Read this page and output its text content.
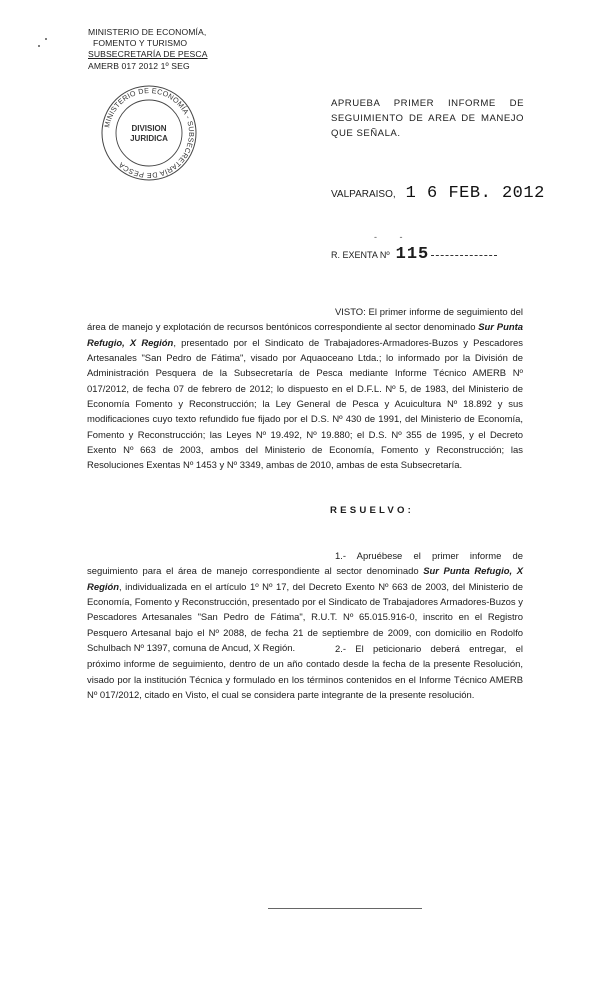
MINISTERIO DE ECONOMÍA,
FOMENTO Y TURISMO
SUBSECRETARÍA DE PESCA
AMERB 017 2012 1º SEG
MINISTERIO DE ECONOMÍA - SUBSECRETARÍA DE PESCA
DIVISION
JURIDICA
APRUEBA PRIMER INFORME DE SEGUIMIENTO DE AREA DE MANEJO QUE SEÑALA.
VALPARAISO, 1 6 FEB. 2012
- -
R. EXENTA Nº 115
VISTO: El primer informe de seguimiento del área de manejo y explotación de recursos bentónicos correspondiente al sector denominado Sur Punta Refugio, X Región, presentado por el Sindicato de Trabajadores-Armadores-Buzos y Pescadores Artesanales "San Pedro de Fátima", visado por Aquaoceano Ltda.; lo informado por la División de Administración Pesquera de la Subsecretaría de Pesca mediante Informe Técnico AMERB Nº 017/2012, de fecha 07 de febrero de 2012; lo dispuesto en el D.F.L. Nº 5, de 1983, del Ministerio de Economía Fomento y Reconstrucción; la Ley General de Pesca y Acuicultura Nº 18.892 y sus modificaciones cuyo texto refundido fue fijado por el D.S. Nº 430 de 1991, del Ministerio de Economía, Fomento y Reconstrucción; las Leyes Nº 19.492, Nº 19.880; el D.S. Nº 355 de 1995, y el Decreto Exento Nº 663 de 2003, ambos del Ministerio de Economía, Fomento y Reconstrucción; las Resoluciones Exentas Nº 1453 y Nº 3349, ambas de 2010, ambas de esta Subsecretaría.
RESUELVO:
1.- Apruébese el primer informe de seguimiento para el área de manejo correspondiente al sector denominado Sur Punta Refugio, X Región, individualizada en el artículo 1º Nº 17, del Decreto Exento Nº 663 de 2003, del Ministerio de Economía, Fomento y Reconstrucción, presentado por el Sindicato de Trabajadores Armadores-Buzos y Pescadores Artesanales "San Pedro de Fátima", R.U.T. Nº 65.015.916-0, inscrito en el Registro Pesquero Artesanal bajo el Nº 2088, de fecha 21 de septiembre de 2009, con domicilio en Rodolfo Schulbach Nº 1397, comuna de Ancud, X Región.	2.- El peticionario deberá entregar, el próximo informe de seguimiento, dentro de un año contado desde la fecha de la presente Resolución, visado por la institución Técnica y formulado en los términos contenidos en el Informe Técnico AMERB Nº 017/2012, citado en Visto, el cual se considera parte integrante de la presente resolución.
